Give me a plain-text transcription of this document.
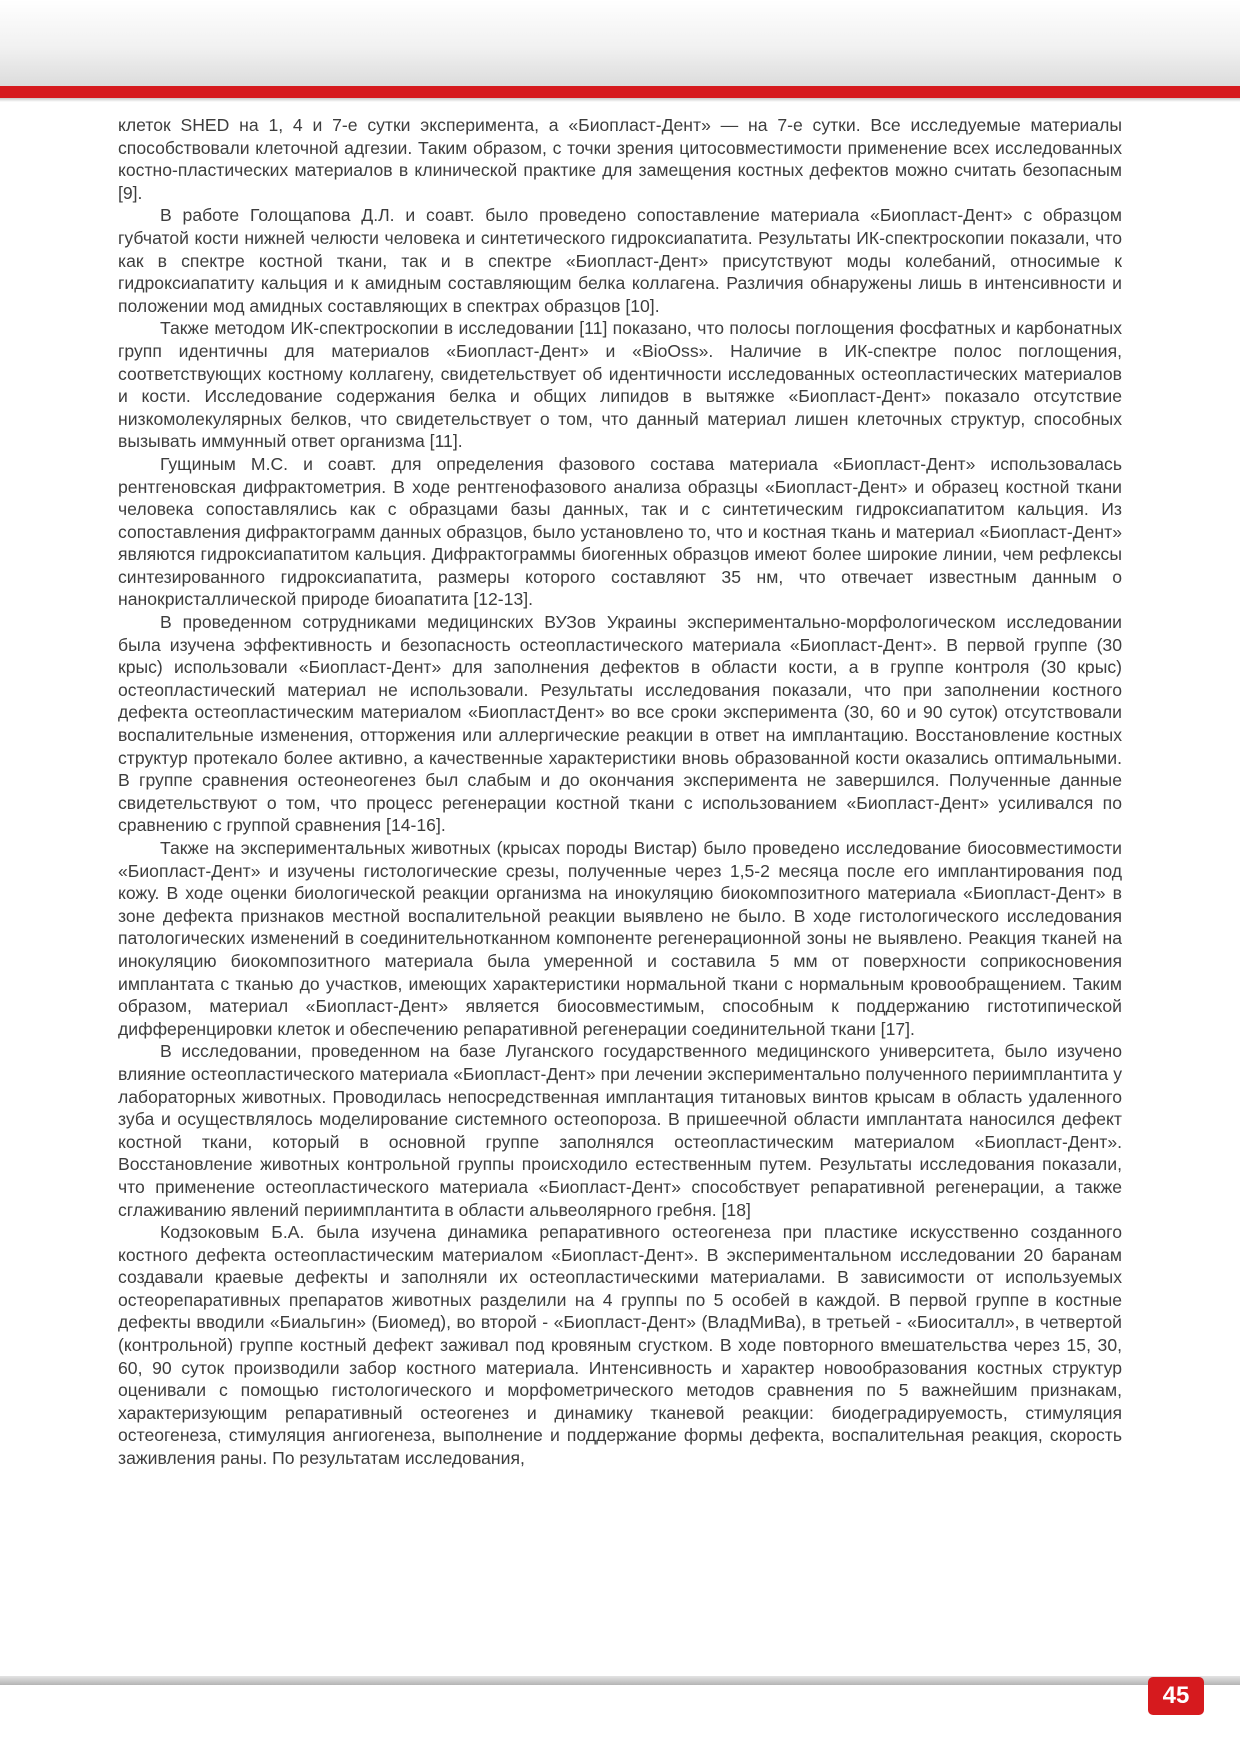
клеток SHED на 1, 4 и 7-е сутки эксперимента, а «Биопласт-Дент» — на 7-е сутки. Все исследуемые материалы способствовали клеточной адгезии. Таким образом, с точки зрения цитосовместимости применение всех исследованных костно-пластических материалов в клинической практике для замещения костных дефектов можно считать безопасным [9].

В работе Голощапова Д.Л. и соавт. было проведено сопоставление материала «Биопласт-Дент» с образцом губчатой кости нижней челюсти человека и синтетического гидроксиапатита. Результаты ИК-спектроскопии показали, что как в спектре костной ткани, так и в спектре «Биопласт-Дент» присутствуют моды колебаний, относимые к гидроксиапатиту кальция и к амидным составляющим белка коллагена. Различия обнаружены лишь в интенсивности и положении мод амидных составляющих в спектрах образцов [10].

Также методом ИК-спектроскопии в исследовании [11] показано, что полосы поглощения фосфатных и карбонатных групп идентичны для материалов «Биопласт-Дент» и «BioOss». Наличие в ИК-спектре полос поглощения, соответствующих костному коллагену, свидетельствует об идентичности исследованных остеопластических материалов и кости. Исследование содержания белка и общих липидов в вытяжке «Биопласт-Дент» показало отсутствие низкомолекулярных белков, что свидетельствует о том, что данный материал лишен клеточных структур, способных вызывать иммунный ответ организма [11].

Гущиным М.С. и соавт. для определения фазового состава материала «Биопласт-Дент» использовалась рентгеновская дифрактометрия. В ходе рентгенофазового анализа образцы «Биопласт-Дент» и образец костной ткани человека сопоставлялись как с образцами базы данных, так и с синтетическим гидроксиапатитом кальция. Из сопоставления дифрактограмм данных образцов, было установлено то, что и костная ткань и материал «Биопласт-Дент» являются гидроксиапатитом кальция. Дифрактограммы биогенных образцов имеют более широкие линии, чем рефлексы синтезированного гидроксиапатита, размеры которого составляют 35 нм, что отвечает известным данным о нанокристаллической природе биоапатита [12-13].

В проведенном сотрудниками медицинских ВУЗов Украины экспериментально-морфологическом исследовании была изучена эффективность и безопасность остеопластического материала «Биопласт-Дент». В первой группе (30 крыс) использовали «Биопласт-Дент» для заполнения дефектов в области кости, а в группе контроля (30 крыс) остеопластический материал не использовали. Результаты исследования показали, что при заполнении костного дефекта остеопластическим материалом «БиопластДент» во все сроки эксперимента (30, 60 и 90 суток) отсутствовали воспалительные изменения, отторжения или аллергические реакции в ответ на имплантацию. Восстановление костных структур протекало более активно, а качественные характеристики вновь образованной кости оказались оптимальными. В группе сравнения остеонеогенез был слабым и до окончания эксперимента не завершился. Полученные данные свидетельствуют о том, что процесс регенерации костной ткани с использованием «Биопласт-Дент» усиливался по сравнению с группой сравнения [14-16].

Также на экспериментальных животных (крысах породы Вистар) было проведено исследование биосовместимости «Биопласт-Дент» и изучены гистологические срезы, полученные через 1,5-2 месяца после его имплантирования под кожу. В ходе оценки биологической реакции организма на инокуляцию биокомпозитного материала «Биопласт-Дент» в зоне дефекта признаков местной воспалительной реакции выявлено не было. В ходе гистологического исследования патологических изменений в соединительнотканном компоненте регенерационной зоны не выявлено. Реакция тканей на инокуляцию биокомпозитного материала была умеренной и составила 5 мм от поверхности соприкосновения имплантата с тканью до участков, имеющих характеристики нормальной ткани с нормальным кровообращением. Таким образом, материал «Биопласт-Дент» является биосовместимым, способным к поддержанию гистотипической дифференцировки клеток и обеспечению репаративной регенерации соединительной ткани [17].

В исследовании, проведенном на базе Луганского государственного медицинского университета, было изучено влияние остеопластического материала «Биопласт-Дент» при лечении экспериментально полученного периимплантита у лабораторных животных. Проводилась непосредственная имплантация титановых винтов крысам в область удаленного зуба и осуществлялось моделирование системного остеопороза. В пришеечной области имплантата наносился дефект костной ткани, который в основной группе заполнялся остеопластическим материалом «Биопласт-Дент». Восстановление животных контрольной группы происходило естественным путем. Результаты исследования показали, что применение остеопластического материала «Биопласт-Дент» способствует репаративной регенерации, а также сглаживанию явлений периимплантита в области альвеолярного гребня. [18]

Кодзоковым Б.А. была изучена динамика репаративного остеогенеза при пластике искусственно созданного костного дефекта остеопластическим материалом «Биопласт-Дент». В экспериментальном исследовании 20 баранам создавали краевые дефекты и заполняли их остеопластическими материалами. В зависимости от используемых остеорепаративных препаратов животных разделили на 4 группы по 5 особей в каждой. В первой группе в костные дефекты вводили «Биальгин» (Биомед), во второй - «Биопласт-Дент» (ВладМиВа), в третьей - «Биоситалл», в четвертой (контрольной) группе костный дефект заживал под кровяным сгустком. В ходе повторного вмешательства через 15, 30, 60, 90 суток производили забор костного материала. Интенсивность и характер новообразования костных структур оценивали с помощью гистологического и морфометрического методов сравнения по 5 важнейшим признакам, характеризующим репаративный остеогенез и динамику тканевой реакции: биодеградируемость, стимуляция остеогенеза, стимуляция ангиогенеза, выполнение и поддержание формы дефекта, воспалительная реакция, скорость заживления раны. По результатам исследования,

45
